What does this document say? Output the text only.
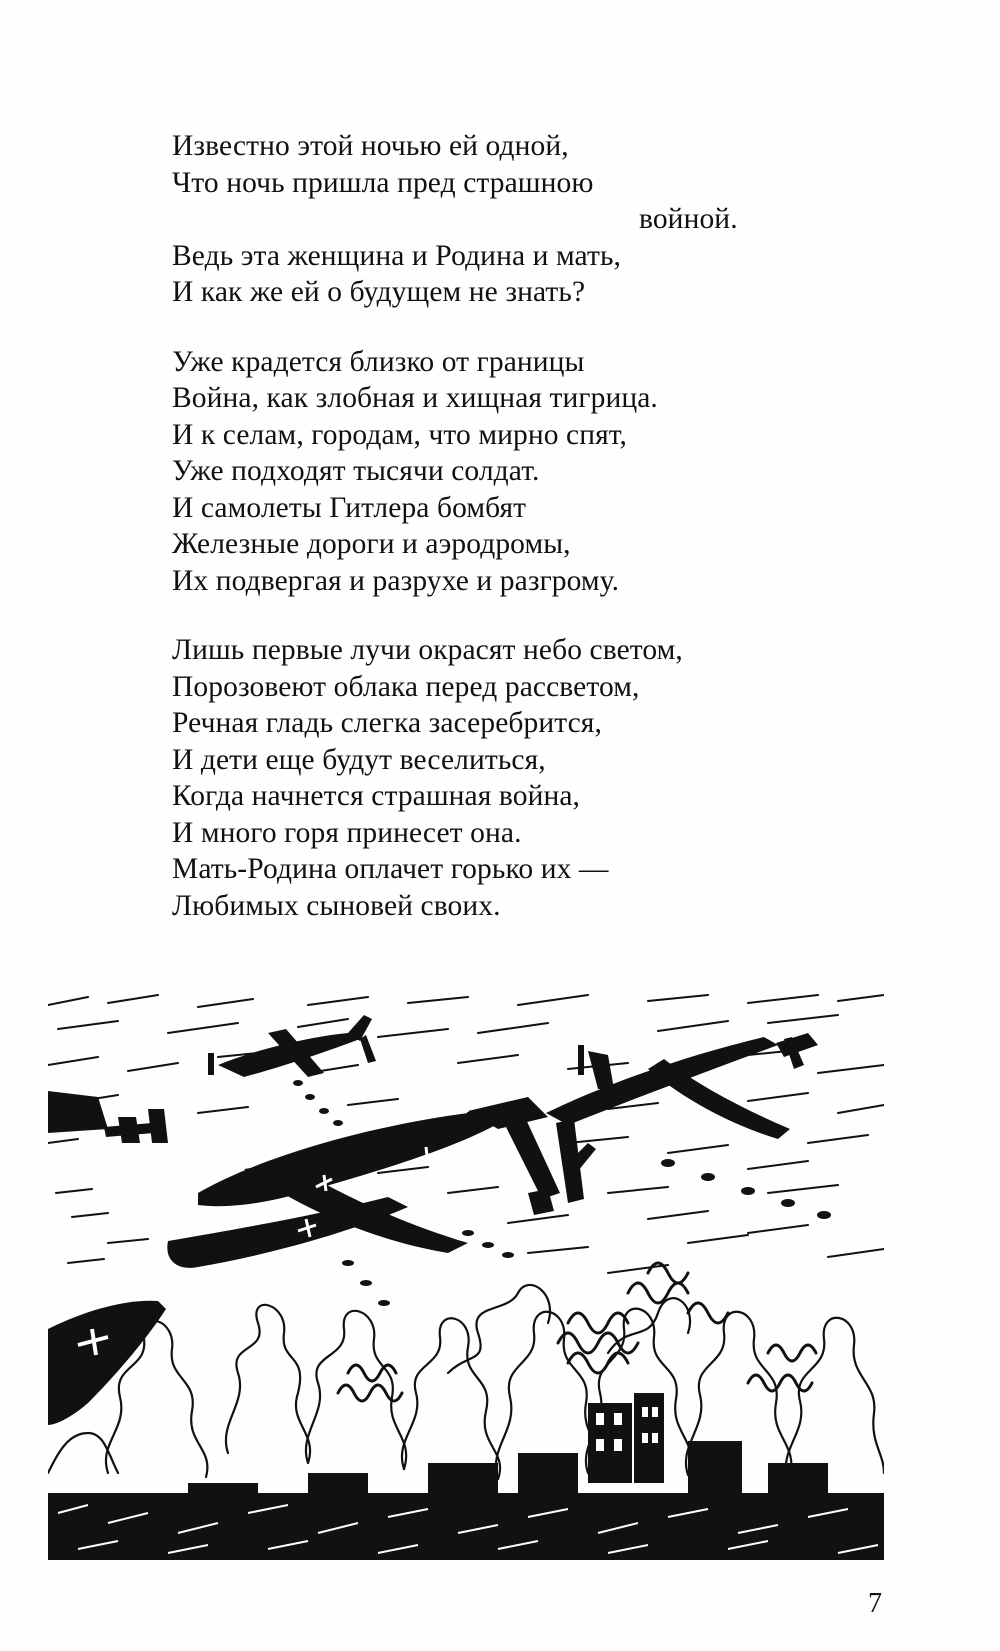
Известно этой ночью ей одной,
Что ночь пришла пред страшною
войной.
Ведь эта женщина и Родина и мать,
И как же ей о будущем не знать?
Уже крадется близко от границы
Война, как злобная и хищная тигрица.
И к селам, городам, что мирно спят,
Уже подходят тысячи солдат.
И самолеты Гитлера бомбят
Железные дороги и аэродромы,
Их подвергая и разрухе и разгрому.
Лишь первые лучи окрасят небо светом,
Порозовеют облака перед рассветом,
Речная гладь слегка засеребрится,
И дети еще будут веселиться,
Когда начнется страшная война,
И много горя принесет она.
Мать-Родина оплачет горько их —
Любимых сыновей своих.
7
